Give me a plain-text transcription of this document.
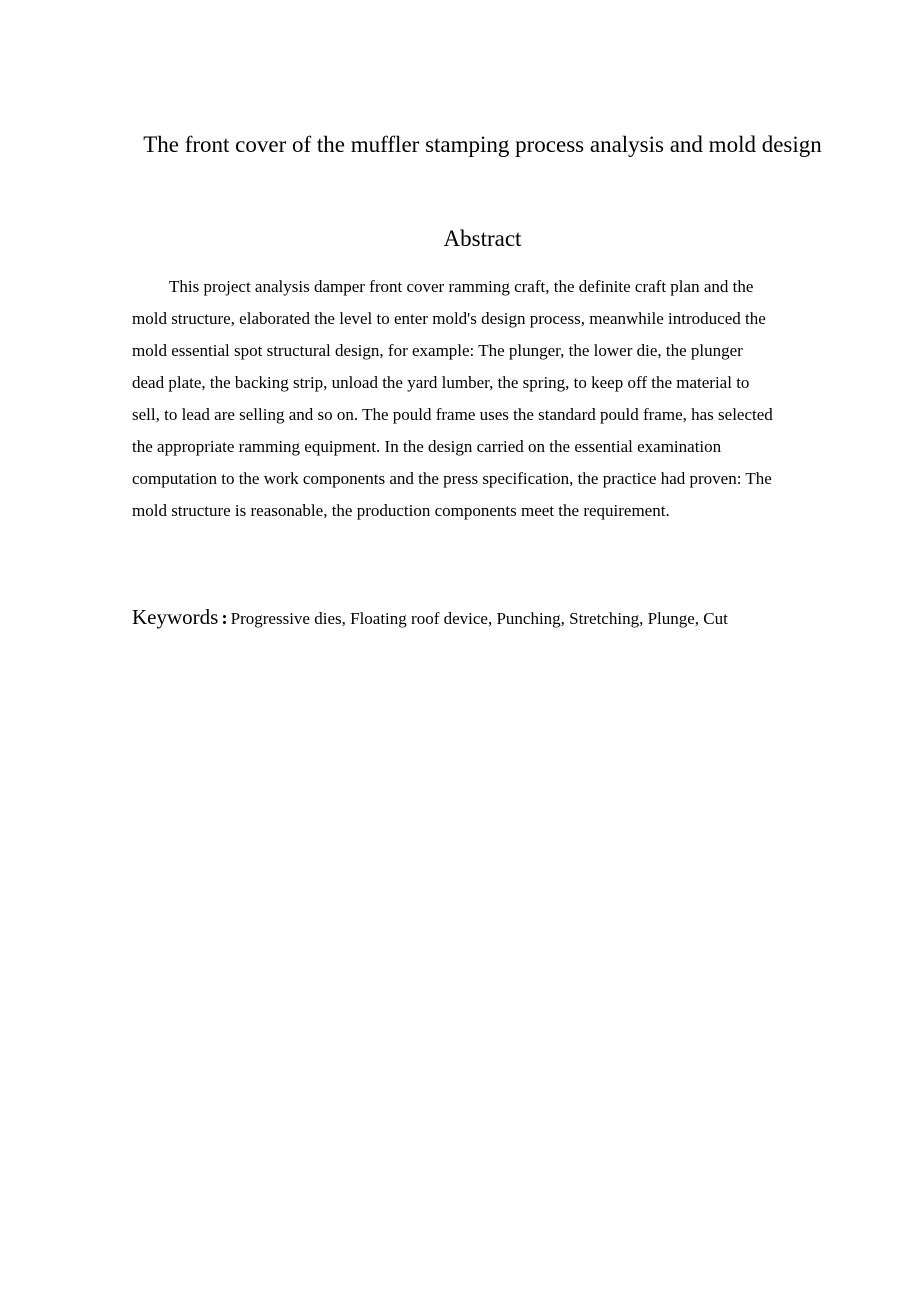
The front cover of the muffler stamping process analysis and mold design
Abstract
This project analysis damper front cover ramming craft, the definite craft plan and the
mold structure, elaborated the level to enter mold's design process, meanwhile introduced the
mold essential spot structural design, for example: The plunger, the lower die, the plunger
dead plate, the backing strip, unload the yard lumber, the spring, to keep off the material to
sell, to lead are selling and so on. The pould frame uses the standard pould frame, has selected
the appropriate ramming equipment. In the design carried on the essential examination
computation to the work components and the press specification, the practice had proven: The
mold structure is reasonable, the production components meet the requirement.
Keywords : Progressive dies, Floating roof device, Punching, Stretching, Plunge, Cut
